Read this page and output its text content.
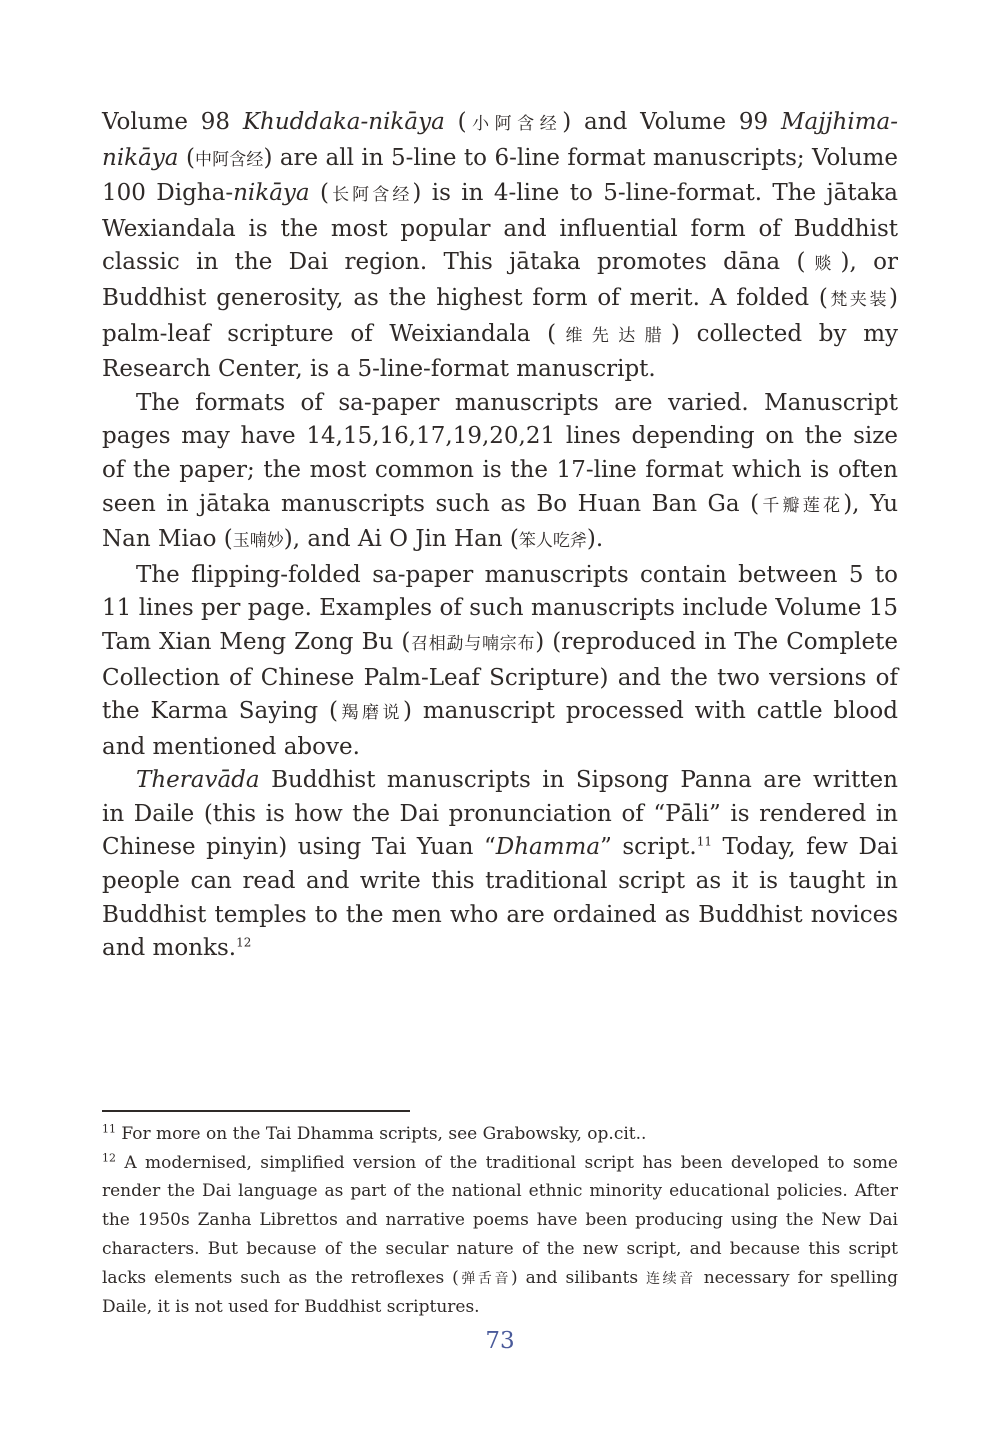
Volume 98 Khuddaka-nikāya (小阿含经) and Volume 99 Majjhima-nikāya (中阿含经) are all in 5-line to 6-line format manuscripts; Volume 100 Digha-nikāya (长阿含经) is in 4-line to 5-line-format. The jātaka Wexiandala is the most popular and influential form of Buddhist classic in the Dai region. This jātaka promotes dāna (赕), or Buddhist generosity, as the highest form of merit. A folded (梵夹装) palm-leaf scripture of Weixiandala (维先达腊) collected by my Research Center, is a 5-line-format manuscript.

The formats of sa-paper manuscripts are varied. Manuscript pages may have 14,15,16,17,19,20,21 lines depending on the size of the paper; the most common is the 17-line format which is often seen in jātaka manuscripts such as Bo Huan Ban Ga (千瓣莲花), Yu Nan Miao (玉喃妙), and Ai O Jin Han (笨人吃斧).

The flipping-folded sa-paper manuscripts contain between 5 to 11 lines per page. Examples of such manuscripts include Volume 15 Tam Xian Meng Zong Bu (召相勐与喃宗布) (reproduced in The Complete Collection of Chinese Palm-Leaf Scripture) and the two versions of the Karma Saying (羯磨说) manuscript processed with cattle blood and mentioned above.

Theravāda Buddhist manuscripts in Sipsong Panna are written in Daile (this is how the Dai pronunciation of “Pāli” is rendered in Chinese pinyin) using Tai Yuan “Dhamma” script.$^{11}$ Today, few Dai people can read and write this traditional script as it is taught in Buddhist temples to the men who are ordained as Buddhist novices and monks.$^{12}$

$^{11}$ For more on the Tai Dhamma scripts, see Grabowsky, op.cit..

$^{12}$ A modernised, simplified version of the traditional script has been developed to some render the Dai language as part of the national ethnic minority educational policies. After the 1950s Zanha Librettos and narrative poems have been producing using the New Dai characters. But because of the secular nature of the new script, and because this script lacks elements such as the retroflexes (弹舌音) and silibants 连续音 necessary for spelling Daile, it is not used for Buddhist scriptures.

73
